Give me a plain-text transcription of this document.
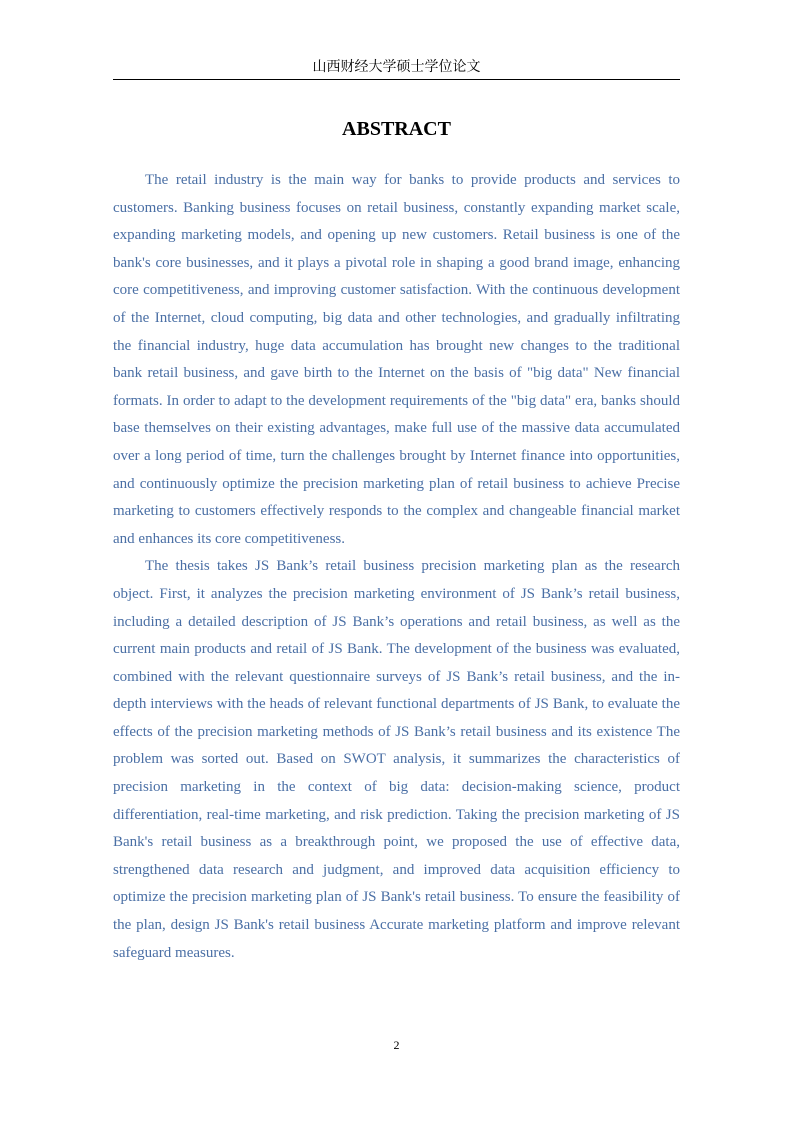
山西财经大学硕士学位论文
ABSTRACT

The retail industry is the main way for banks to provide products and services to customers. Banking business focuses on retail business, constantly expanding market scale, expanding marketing models, and opening up new customers. Retail business is one of the bank's core businesses, and it plays a pivotal role in shaping a good brand image, enhancing core competitiveness, and improving customer satisfaction. With the continuous development of the Internet, cloud computing, big data and other technologies, and gradually infiltrating the financial industry, huge data accumulation has brought new changes to the traditional bank retail business, and gave birth to the Internet on the basis of "big data" New financial formats. In order to adapt to the development requirements of the "big data" era, banks should base themselves on their existing advantages, make full use of the massive data accumulated over a long period of time, turn the challenges brought by Internet finance into opportunities, and continuously optimize the precision marketing plan of retail business to achieve Precise marketing to customers effectively responds to the complex and changeable financial market and enhances its core competitiveness.

The thesis takes JS Bank’s retail business precision marketing plan as the research object. First, it analyzes the precision marketing environment of JS Bank’s retail business, including a detailed description of JS Bank’s operations and retail business, as well as the current main products and retail of JS Bank. The development of the business was evaluated, combined with the relevant questionnaire surveys of JS Bank’s retail business, and the in-depth interviews with the heads of relevant functional departments of JS Bank, to evaluate the effects of the precision marketing methods of JS Bank’s retail business and its existence The problem was sorted out. Based on SWOT analysis, it summarizes the characteristics of precision marketing in the context of big data: decision-making science, product differentiation, real-time marketing, and risk prediction. Taking the precision marketing of JS Bank's retail business as a breakthrough point, we proposed the use of effective data, strengthened data research and judgment, and improved data acquisition efficiency to optimize the precision marketing plan of JS Bank's retail business. To ensure the feasibility of the plan, design JS Bank's retail business Accurate marketing platform and improve relevant safeguard measures.

2
